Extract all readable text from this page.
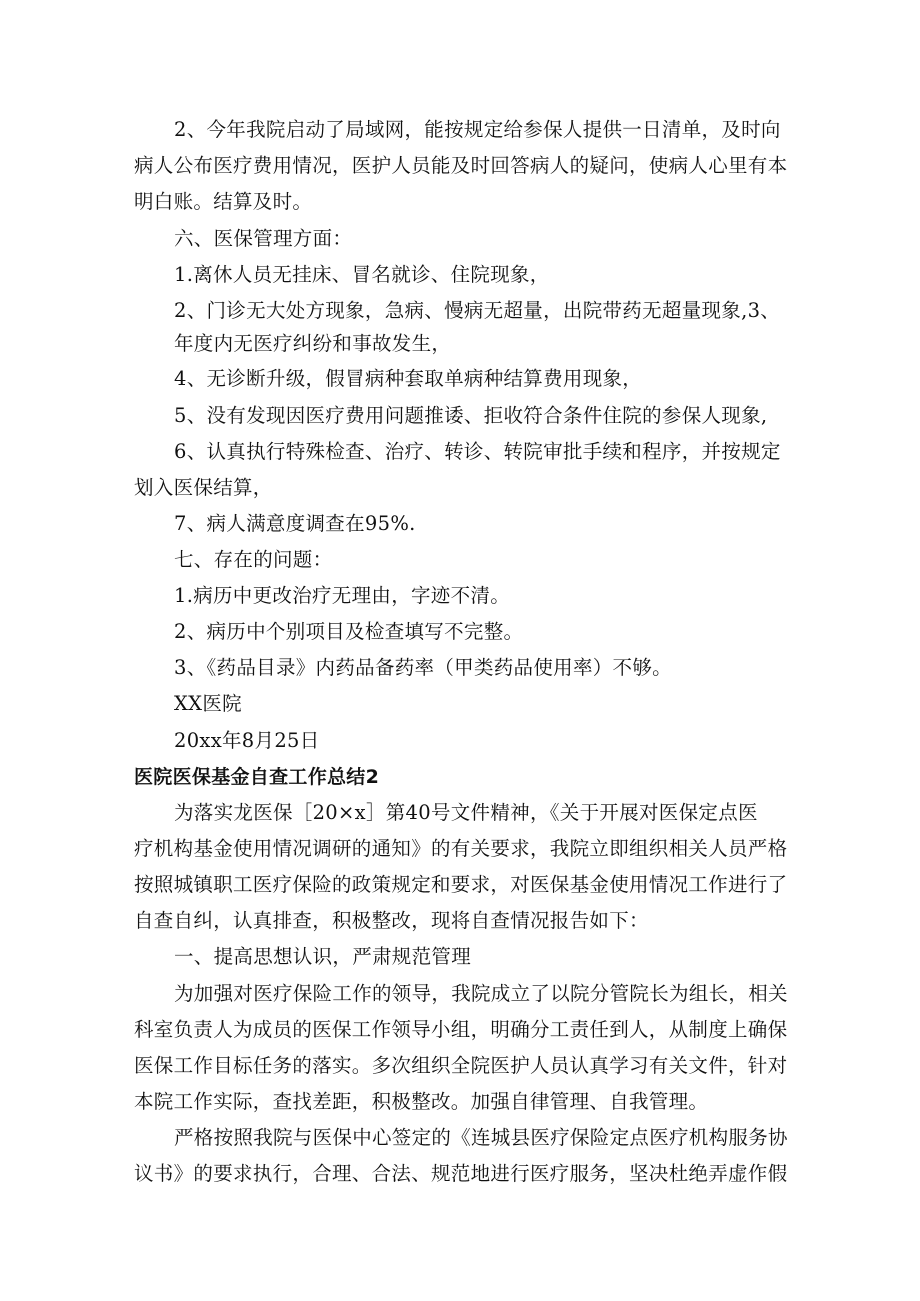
2、今年我院启动了局域网，能按规定给参保人提供一日清单，及时向
病人公布医疗费用情况，医护人员能及时回答病人的疑问，使病人心里有本
明白账。结算及时。
六、医保管理方面：
1.离休人员无挂床、冒名就诊、住院现象，
2、门诊无大处方现象，急病、慢病无超量，出院带药无超量现象,3、
年度内无医疗纠纷和事故发生，
4、无诊断升级，假冒病种套取单病种结算费用现象，
5、没有发现因医疗费用问题推诿、拒收符合条件住院的参保人现象,
6、认真执行特殊检查、治疗、转诊、转院审批手续和程序，并按规定
划入医保结算，
7、病人满意度调查在95%.
七、存在的问题：
1.病历中更改治疗无理由，字迹不清。
2、病历中个别项目及检查填写不完整。
3、《药品目录》内药品备药率（甲类药品使用率）不够。
XX医院
20xx年8月25日
医院医保基金自查工作总结2
为落实龙医保［20×x］第40号文件精神，《关于开展对医保定点医
疗机构基金使用情况调研的通知》的有关要求，我院立即组织相关人员严格
按照城镇职工医疗保险的政策规定和要求，对医保基金使用情况工作进行了
自查自纠，认真排查，积极整改，现将自查情况报告如下：
一、提高思想认识，严肃规范管理
为加强对医疗保险工作的领导，我院成立了以院分管院长为组长，相关
科室负责人为成员的医保工作领导小组，明确分工责任到人，从制度上确保
医保工作目标任务的落实。多次组织全院医护人员认真学习有关文件，针对
本院工作实际，查找差距，积极整改。加强自律管理、自我管理。
严格按照我院与医保中心签定的《连城县医疗保险定点医疗机构服务协
议书》的要求执行，合理、合法、规范地进行医疗服务，坚决杜绝弄虚作假
